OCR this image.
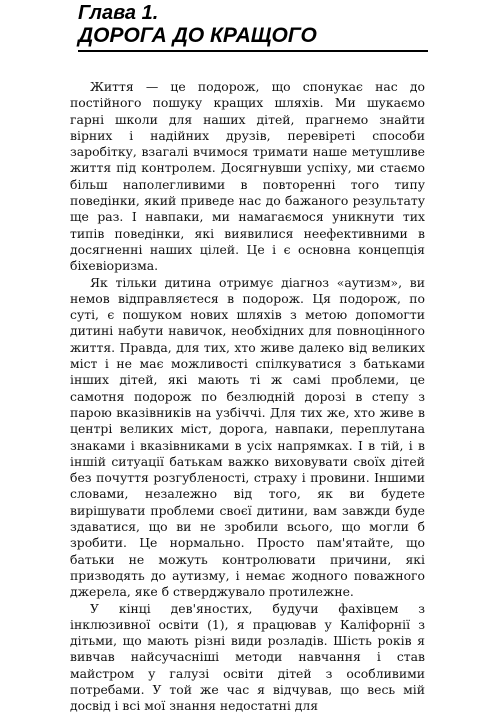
Глава 1.
ДОРОГА ДО КРАЩОГО

Життя — це подорож, що спонукає нас до постійного пошуку кращих шляхів. Ми шукаємо гарні школи для наших дітей, прагнемо знайти вірних і надійних друзів, перевіреті способи заробітку, взагалі вчимося тримати наше метушливе життя під контролем. Досягнувши успіху, ми стаємо більш наполегливими в повторенні того типу поведінки, який приведе нас до бажаного результату ще раз. І навпаки, ми намагаємося уникнути тих типів поведінки, які виявилися неефективними в досягненні наших цілей. Це і є основна концепція біхевіоризма.

Як тільки дитина отримує діагноз «аутизм», ви немов відправляєтеся в подорож. Ця подорож, по суті, є пошуком нових шляхів з метою допомогти дитині набути навичок, необхідних для повноцінного життя. Правда, для тих, хто живе далеко від великих міст і не має можливості спілкуватися з батьками інших дітей, які мають ті ж самі проблеми, це самотня подорож по безлюдній дорозі в степу з парою вказівників на узбіччі. Для тих же, хто живе в центрі великих міст, дорога, навпаки, переплутана знаками і вказівниками в усіх напрямках. І в тій, і в іншій ситуації батькам важко виховувати своїх дітей без почуття розгубленості, страху і провини. Іншими словами, незалежно від того, як ви будете вирішувати проблеми своєї дитини, вам завжди буде здаватися, що ви не зробили всього, що могли б зробити. Це нормально. Просто пам'ятайте, що батьки не можуть контролювати причини, які призводять до аутизму, і немає жодного поважного джерела, яке б стверджувало протилежне.

У кінці дев'яностих, будучи фахівцем з інклюзивної освіти (1), я працював у Каліфорнії з дітьми, що мають різні види розладів. Шість років я вивчав найсучасніші методи навчання і став майстром у галузі освіти дітей з особливими потребами. У той же час я відчував, що весь мій досвід і всі мої знання недостатні для
